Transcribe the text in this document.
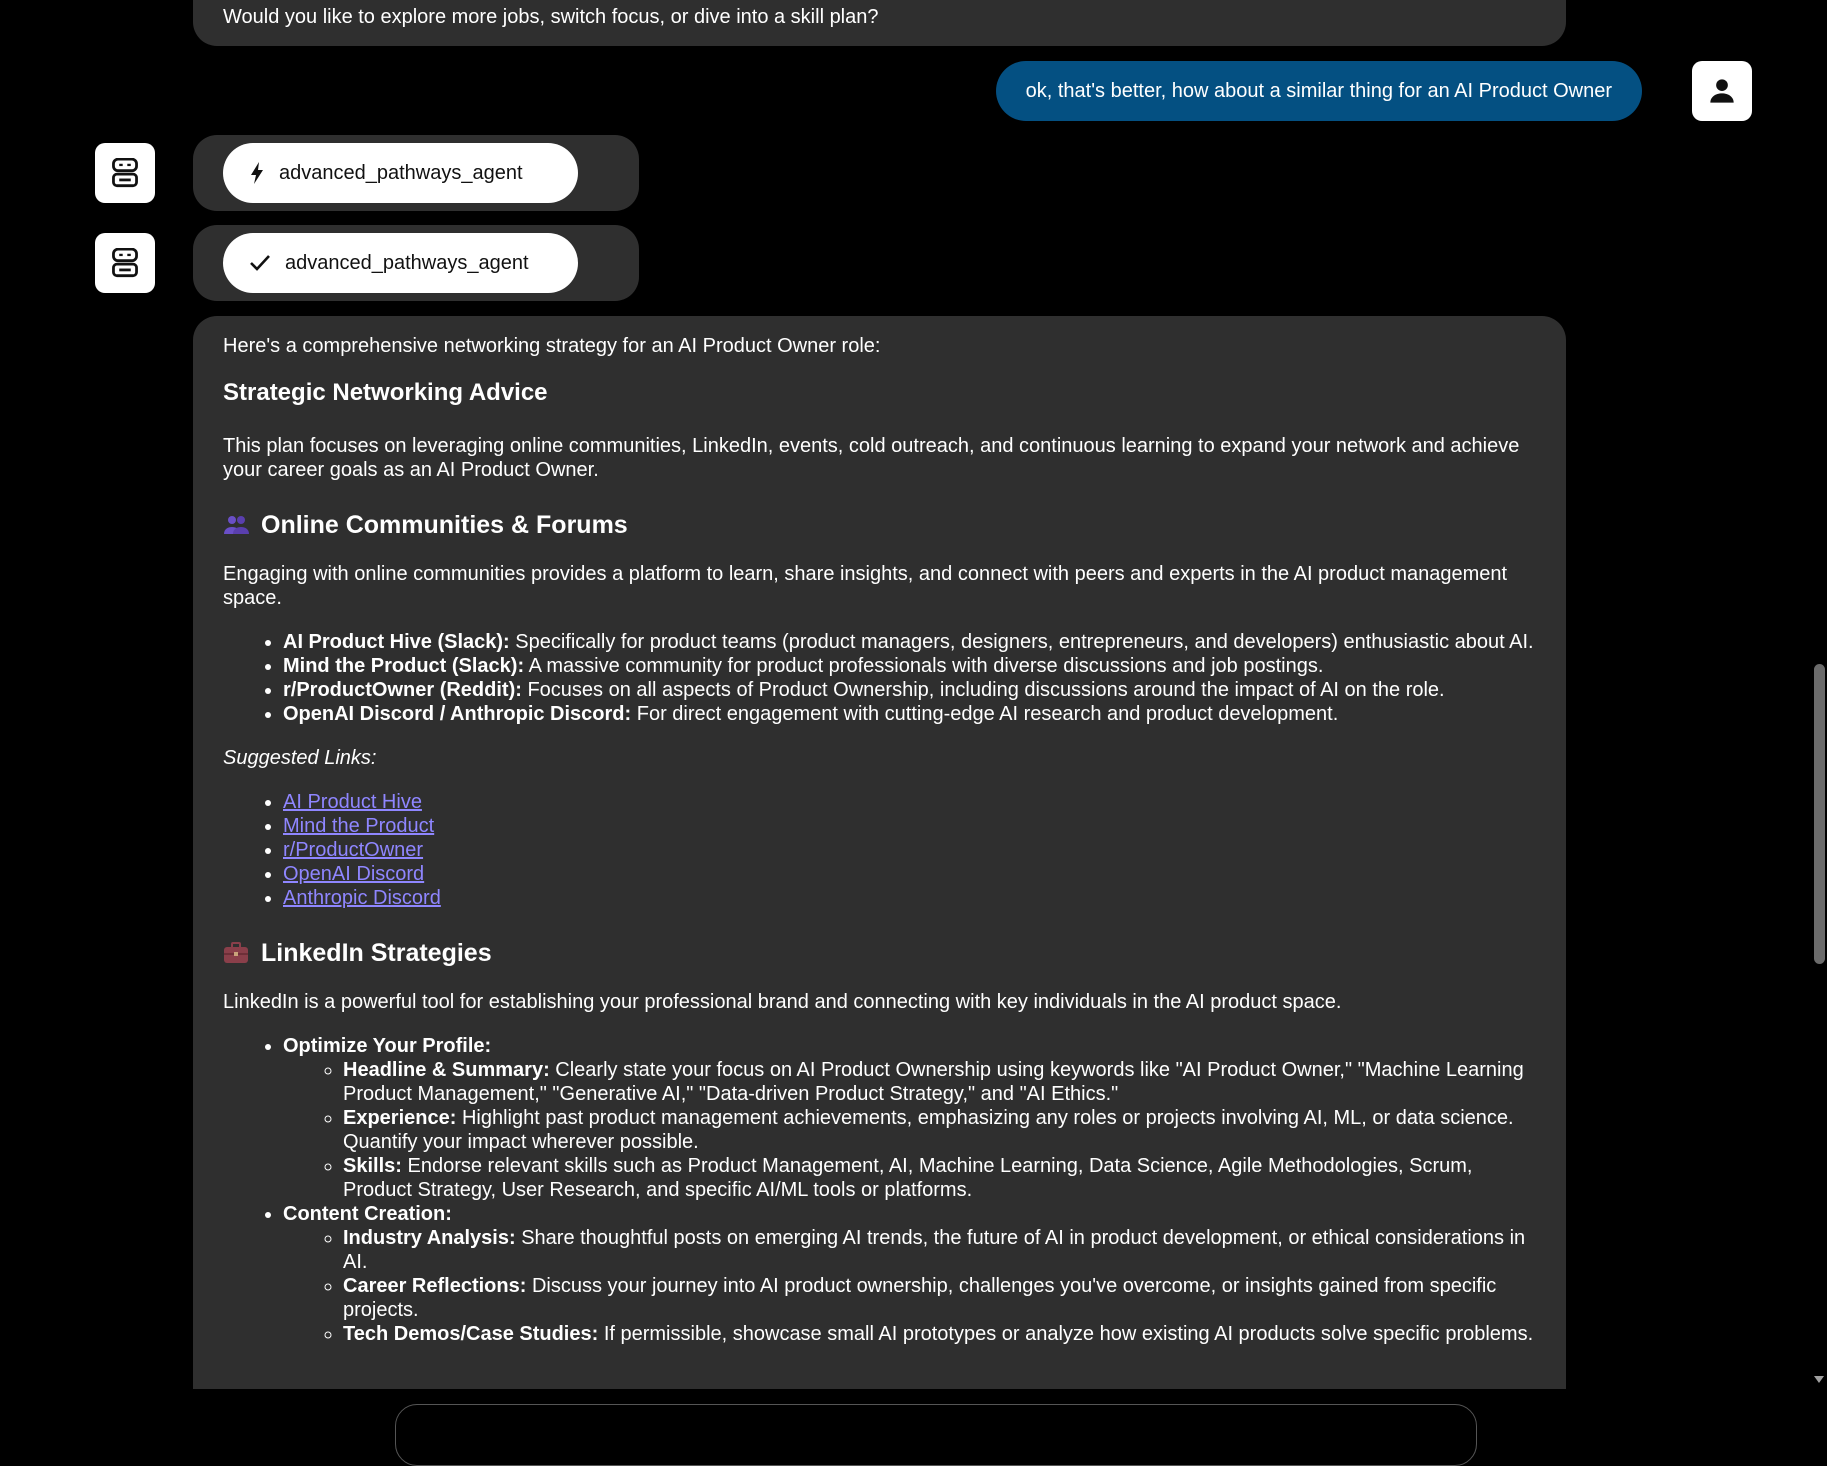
Would you like to explore more jobs, switch focus, or dive into a skill plan?
ok, that's better, how about a similar thing for an AI Product Owner
advanced_pathways_agent
advanced_pathways_agent

Here's a comprehensive networking strategy for an AI Product Owner role:

Strategic Networking Advice

This plan focuses on leveraging online communities, LinkedIn, events, cold outreach, and continuous learning to expand your network and achieve your career goals as an AI Product Owner.

Online Communities & Forums

Engaging with online communities provides a platform to learn, share insights, and connect with peers and experts in the AI product management space.

• AI Product Hive (Slack): Specifically for product teams (product managers, designers, entrepreneurs, and developers) enthusiastic about AI.
• Mind the Product (Slack): A massive community for product professionals with diverse discussions and job postings.
• r/ProductOwner (Reddit): Focuses on all aspects of Product Ownership, including discussions around the impact of AI on the role.
• OpenAI Discord / Anthropic Discord: For direct engagement with cutting-edge AI research and product development.

Suggested Links:

• AI Product Hive
• Mind the Product
• r/ProductOwner
• OpenAI Discord
• Anthropic Discord
LinkedIn Strategies

LinkedIn is a powerful tool for establishing your professional brand and connecting with key individuals in the AI product space.

• Optimize Your Profile:
◦ Headline & Summary: Clearly state your focus on AI Product Ownership using keywords like "AI Product Owner," "Machine Learning Product Management," "Generative AI," "Data-driven Product Strategy," and "AI Ethics."
◦ Experience: Highlight past product management achievements, emphasizing any roles or projects involving AI, ML, or data science. Quantify your impact wherever possible.
◦ Skills: Endorse relevant skills such as Product Management, AI, Machine Learning, Data Science, Agile Methodologies, Scrum, Product Strategy, User Research, and specific AI/ML tools or platforms.
• Content Creation:
◦ Industry Analysis: Share thoughtful posts on emerging AI trends, the future of AI in product development, or ethical considerations in AI.
◦ Career Reflections: Discuss your journey into AI product ownership, challenges you've overcome, or insights gained from specific projects.
◦ Tech Demos/Case Studies: If permissible, showcase small AI prototypes or analyze how existing AI products solve specific problems.
